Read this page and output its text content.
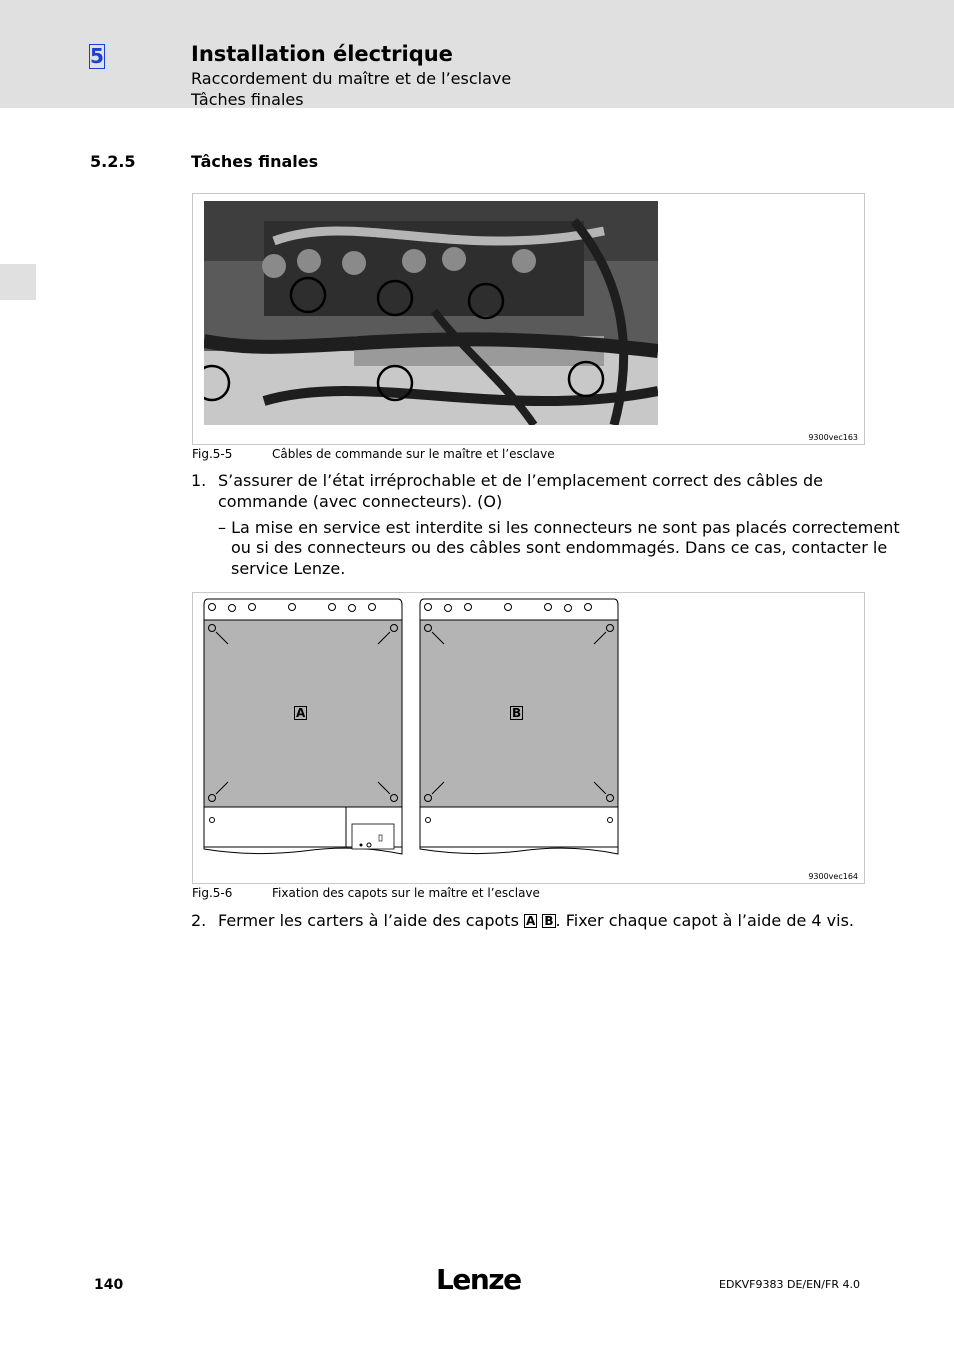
5	Installation électrique
Raccordement du maître et de l’esclave
Tâches finales
5.2.5	Tâches finales
9300vec163
Fig.5-5	Câbles de commande sur le maître et l’esclave
1. S’assurer de l’état irréprochable et de l’emplacement correct des câbles de
commande (avec connecteurs). (O)
– La mise en service est interdite si les connecteurs ne sont pas placés correctement
ou si des connecteurs ou des câbles sont endommagés. Dans ce cas, contacter le
service Lenze.
A	B
9300vec164
Fig.5-6	Fixation des capots sur le maître et l’esclave
2. Fermer les carters à l’aide des capots A B . Fixer chaque capot à l’aide de 4 vis.
140	Lenze	EDKVF9383 DE/EN/FR 4.0
